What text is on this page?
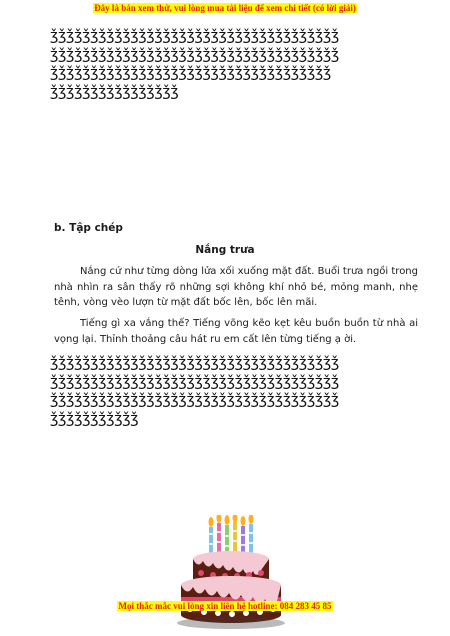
Đây là bản xem thử, vui lòng mua tài liệu để xem chi tiết (có lời giải)
ǯǯǯǯǯǯǯǯǯǯǯǯǯǯǯǯǯǯǯǯǯǯǯǯǯǯǯǯǯǯǯǯǯǯǯǯ
ǯǯǯǯǯǯǯǯǯǯǯǯǯǯǯǯǯǯǯǯǯǯǯǯǯǯǯǯǯǯǯǯǯǯǯǯ
ǯǯǯǯǯǯǯǯǯǯǯǯǯǯǯǯǯǯǯǯǯǯǯǯǯǯǯǯǯǯǯǯǯǯǯ
ǯǯǯǯǯǯǯǯǯǯǯǯǯǯǯǯ
b. Tập chép
Nắng trưa

Nắng cứ như từng dòng lửa xối xuống mặt đất. Buổi trưa ngồi trong nhà nhìn ra sân thấy rõ những sợi không khí nhỏ bé, mỏng manh, nhẹ tênh, vòng vèo lượn từ mặt đất bốc lên, bốc lên mãi.

Tiếng gì xa vắng thế? Tiếng võng kẽo kẹt kêu buồn buồn từ nhà ai vọng lại. Thỉnh thoảng câu hát ru em cất lên từng tiếng ạ ời.

ǯǯǯǯǯǯǯǯǯǯǯǯǯǯǯǯǯǯǯǯǯǯǯǯǯǯǯǯǯǯǯǯǯǯǯǯ
ǯǯǯǯǯǯǯǯǯǯǯǯǯǯǯǯǯǯǯǯǯǯǯǯǯǯǯǯǯǯǯǯǯǯǯǯ
ǯǯǯǯǯǯǯǯǯǯǯǯǯǯǯǯǯǯǯǯǯǯǯǯǯǯǯǯǯǯǯǯǯǯǯǯ
ǯǯǯǯǯǯǯǯǯǯǯ
Mọi thắc mắc vui lòng xin liên hệ hotline: 084 283 45 85
